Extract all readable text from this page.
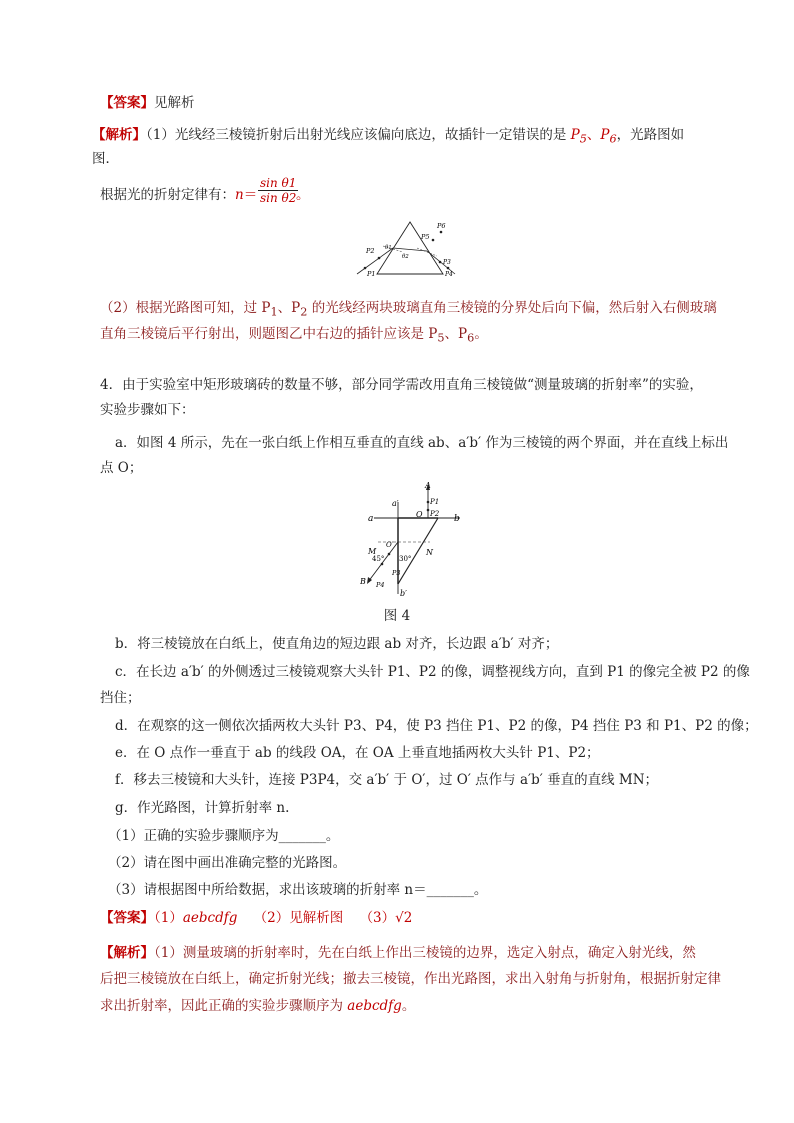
【答案】见解析
【解析】（1）光线经三棱镜折射后出射光线应该偏向底边，故插针一定错误的是 $P_5$、$P_6$，光路图如
图．
根据光的折射定律有：$n= \frac{\text{sin θ1}}{\text{sin θ2}}$
。
P1
P2
P3
P4
P5
P6
θ1
θ2
（2）根据光路图可知，过 $P_1$、$P_2$ 的光线经两块玻璃直角三棱镜的分界处后向下偏，然后射入右侧玻璃
直角三棱镜后平行射出，则题图乙中右边的插针应该是 $P_5$、$P_6$。
4．由于实验室中矩形玻璃砖的数量不够，部分同学需改用直角三棱镜做“测量玻璃的折射率”的实验，
实验步骤如下：
a．如图 4 所示，先在一张白纸上作相互垂直的直线 ab、a′b′ 作为三棱镜的两个界面，并在直线上标出
点 O；
a	b
a′
b′
A
P1
P2
O
O′
M	N
45° 30°
P3
P4
B
图 4
b．将三棱镜放在白纸上，使直角边的短边跟 ab 对齐，长边跟 a′b′ 对齐；
c．在长边 a′b′ 的外侧透过三棱镜观察大头针 P1、P2 的像，调整视线方向，直到 P1 的像完全被 P2 的像
挡住；
d．在观察的这一侧依次插两枚大头针 P3、P4，使 P3 挡住 P1、P2 的像，P4 挡住 P3 和 P1、P2 的像；
e．在 O 点作一垂直于 ab 的线段 OA，在 OA 上垂直地插两枚大头针 P1、P2；
f．移去三棱镜和大头针，连接 P3P4，交 a′b′ 于 O′，过 O′ 点作与 a′b′ 垂直的直线 MN；
g．作光路图，计算折射率 n.
（1）正确的实验步骤顺序为_______。
（2）请在图中画出准确完整的光路图。
（3）请根据图中所给数据，求出该玻璃的折射率 n＝_______。
【答案】（1）aebcdfg （2）见解析图 （3）√2
【解析】（1）测量玻璃的折射率时，先在白纸上作出三棱镜的边界，选定入射点，确定入射光线，然
后把三棱镜放在白纸上，确定折射光线；撤去三棱镜，作出光路图，求出入射角与折射角，根据折射定律
求出折射率，因此正确的实验步骤顺序为 aebcdfg。
